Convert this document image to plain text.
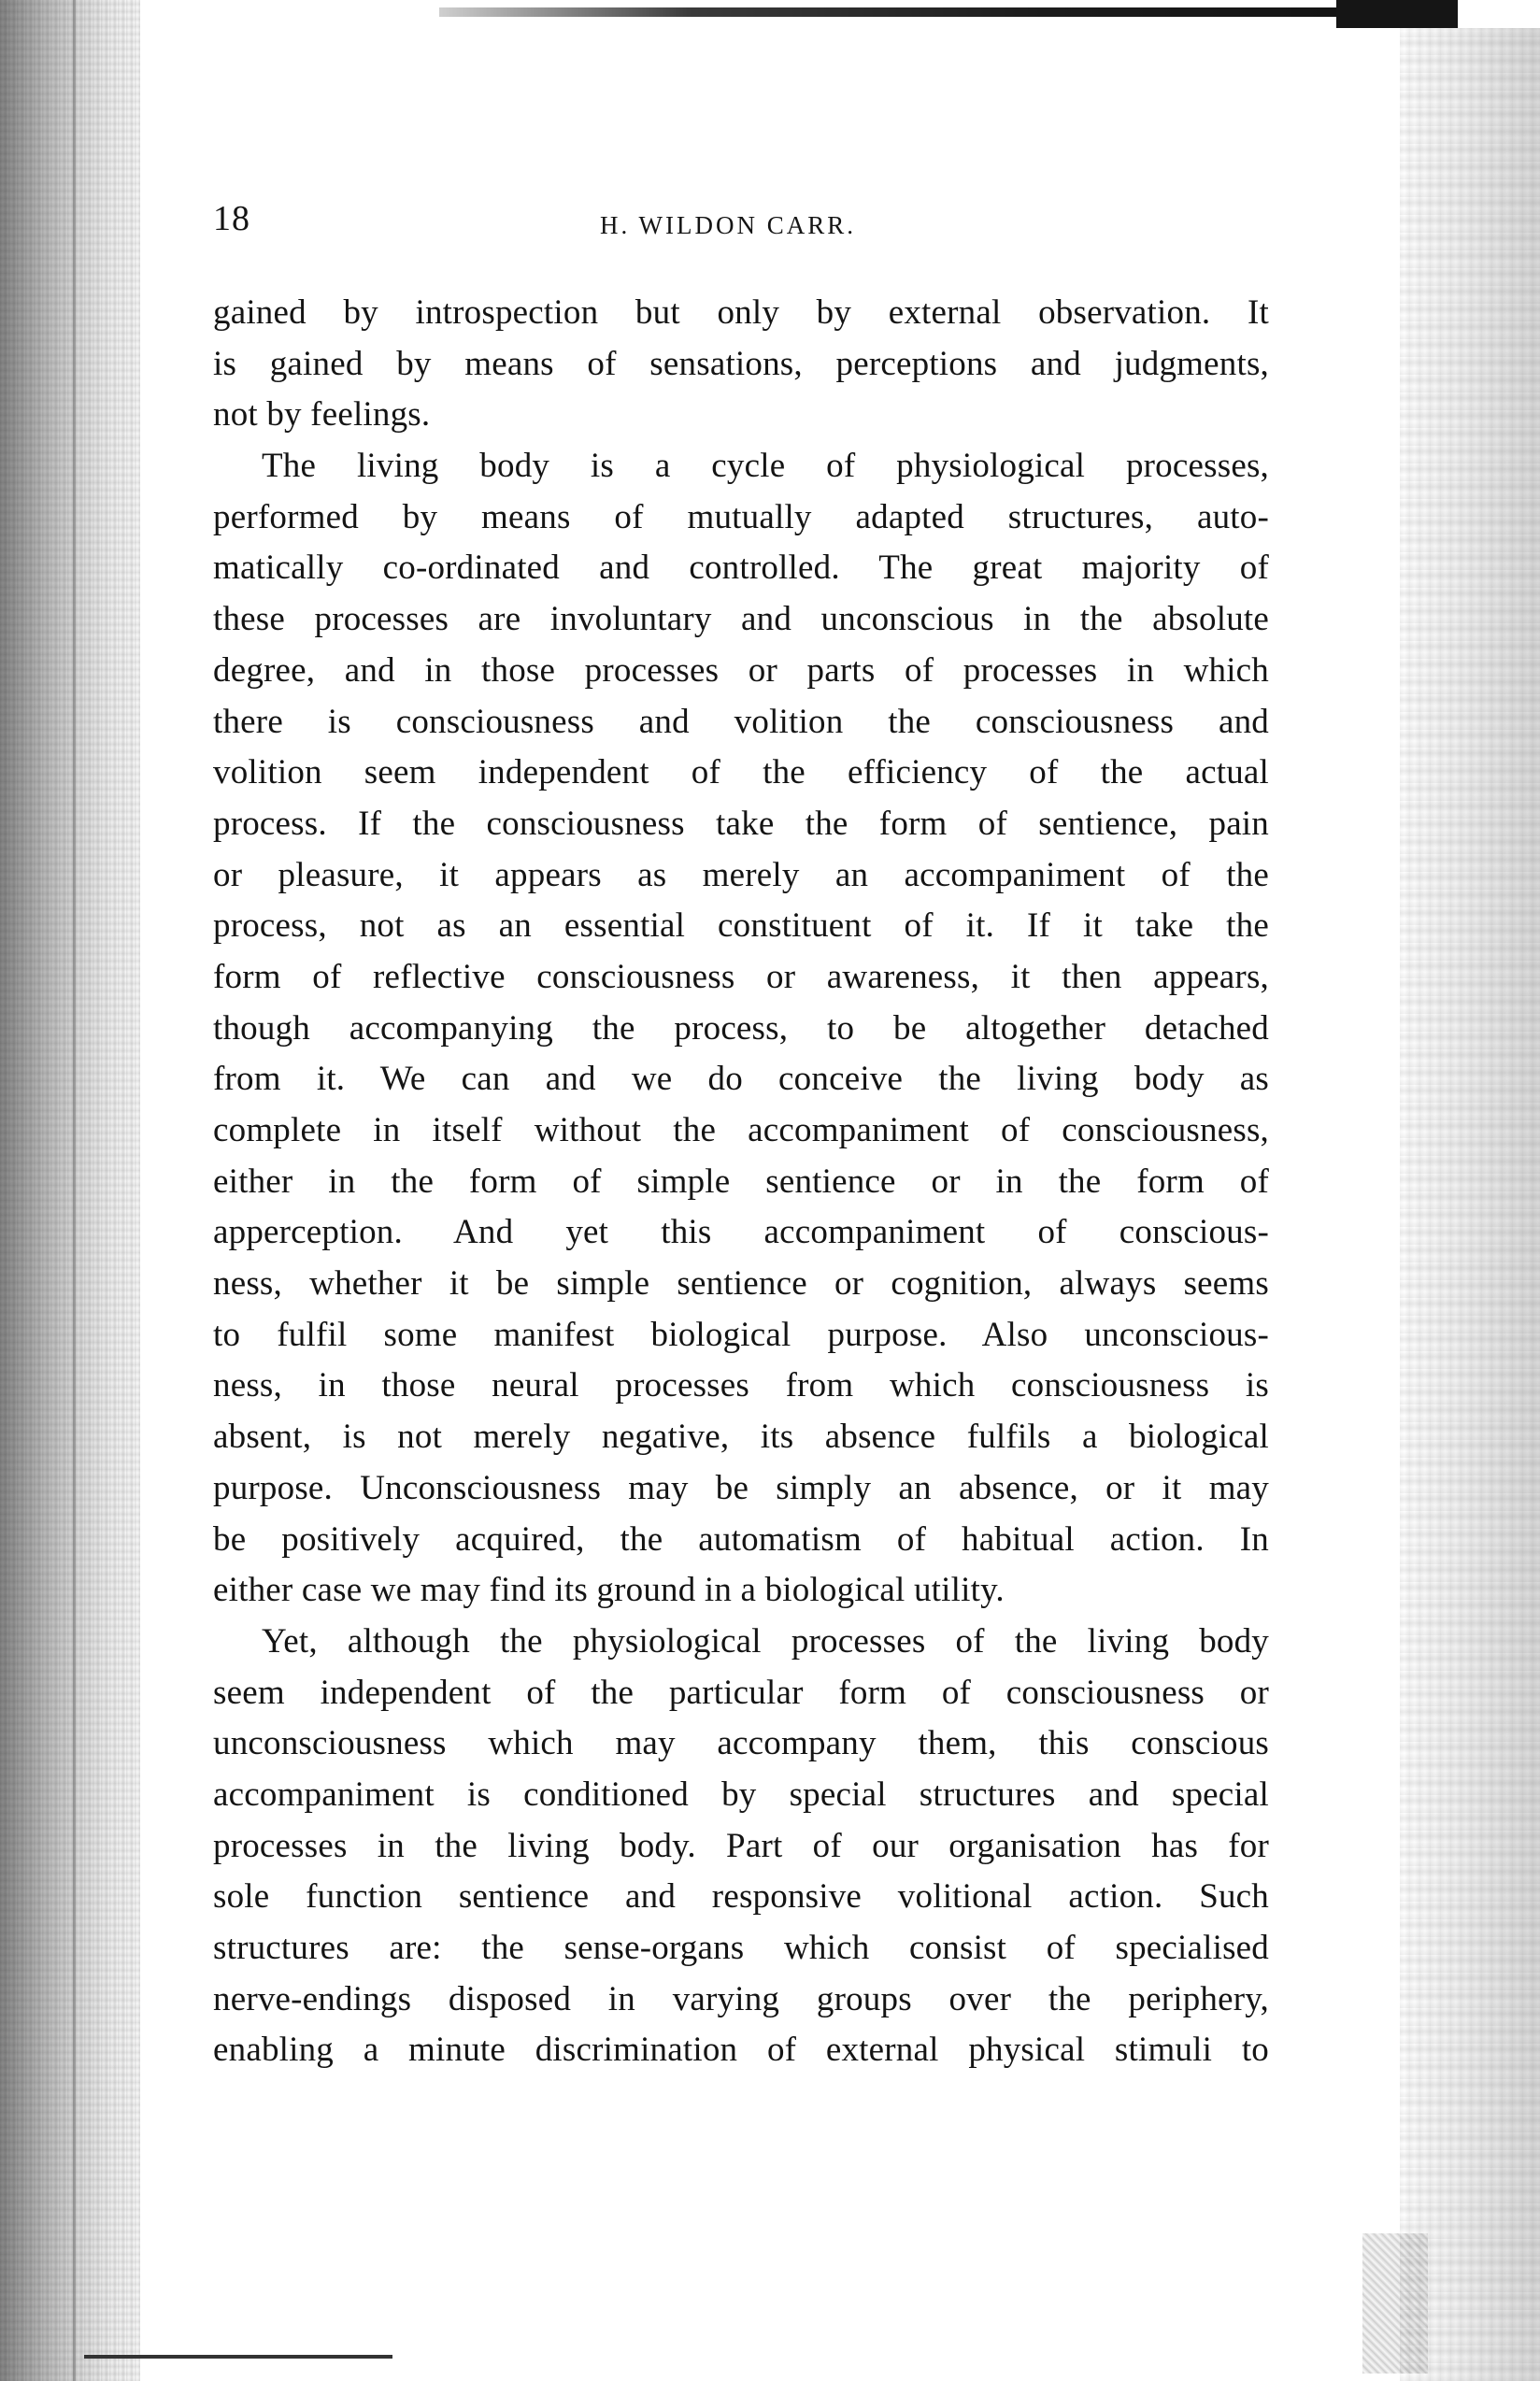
18	H. WILDON CARR.
gained by introspection but only by external observation. It
is gained by means of sensations, perceptions and judgments,
not by feelings.
The living body is a cycle of physiological processes,
performed by means of mutually adapted structures, auto-
matically co-ordinated and controlled. The great majority of
these processes are involuntary and unconscious in the absolute
degree, and in those processes or parts of processes in which
there is consciousness and volition the consciousness and
volition seem independent of the efficiency of the actual
process. If the consciousness take the form of sentience, pain
or pleasure, it appears as merely an accompaniment of the
process, not as an essential constituent of it. If it take the
form of reflective consciousness or awareness, it then appears,
though accompanying the process, to be altogether detached
from it. We can and we do conceive the living body as
complete in itself without the accompaniment of consciousness,
either in the form of simple sentience or in the form of
apperception. And yet this accompaniment of conscious-
ness, whether it be simple sentience or cognition, always seems
to fulfil some manifest biological purpose. Also unconscious-
ness, in those neural processes from which consciousness is
absent, is not merely negative, its absence fulfils a biological
purpose. Unconsciousness may be simply an absence, or it may
be positively acquired, the automatism of habitual action. In
either case we may find its ground in a biological utility.
Yet, although the physiological processes of the living body
seem independent of the particular form of consciousness or
unconsciousness which may accompany them, this conscious
accompaniment is conditioned by special structures and special
processes in the living body. Part of our organisation has for
sole function sentience and responsive volitional action. Such
structures are: the sense-organs which consist of specialised
nerve-endings disposed in varying groups over the periphery,
enabling a minute discrimination of external physical stimuli to
